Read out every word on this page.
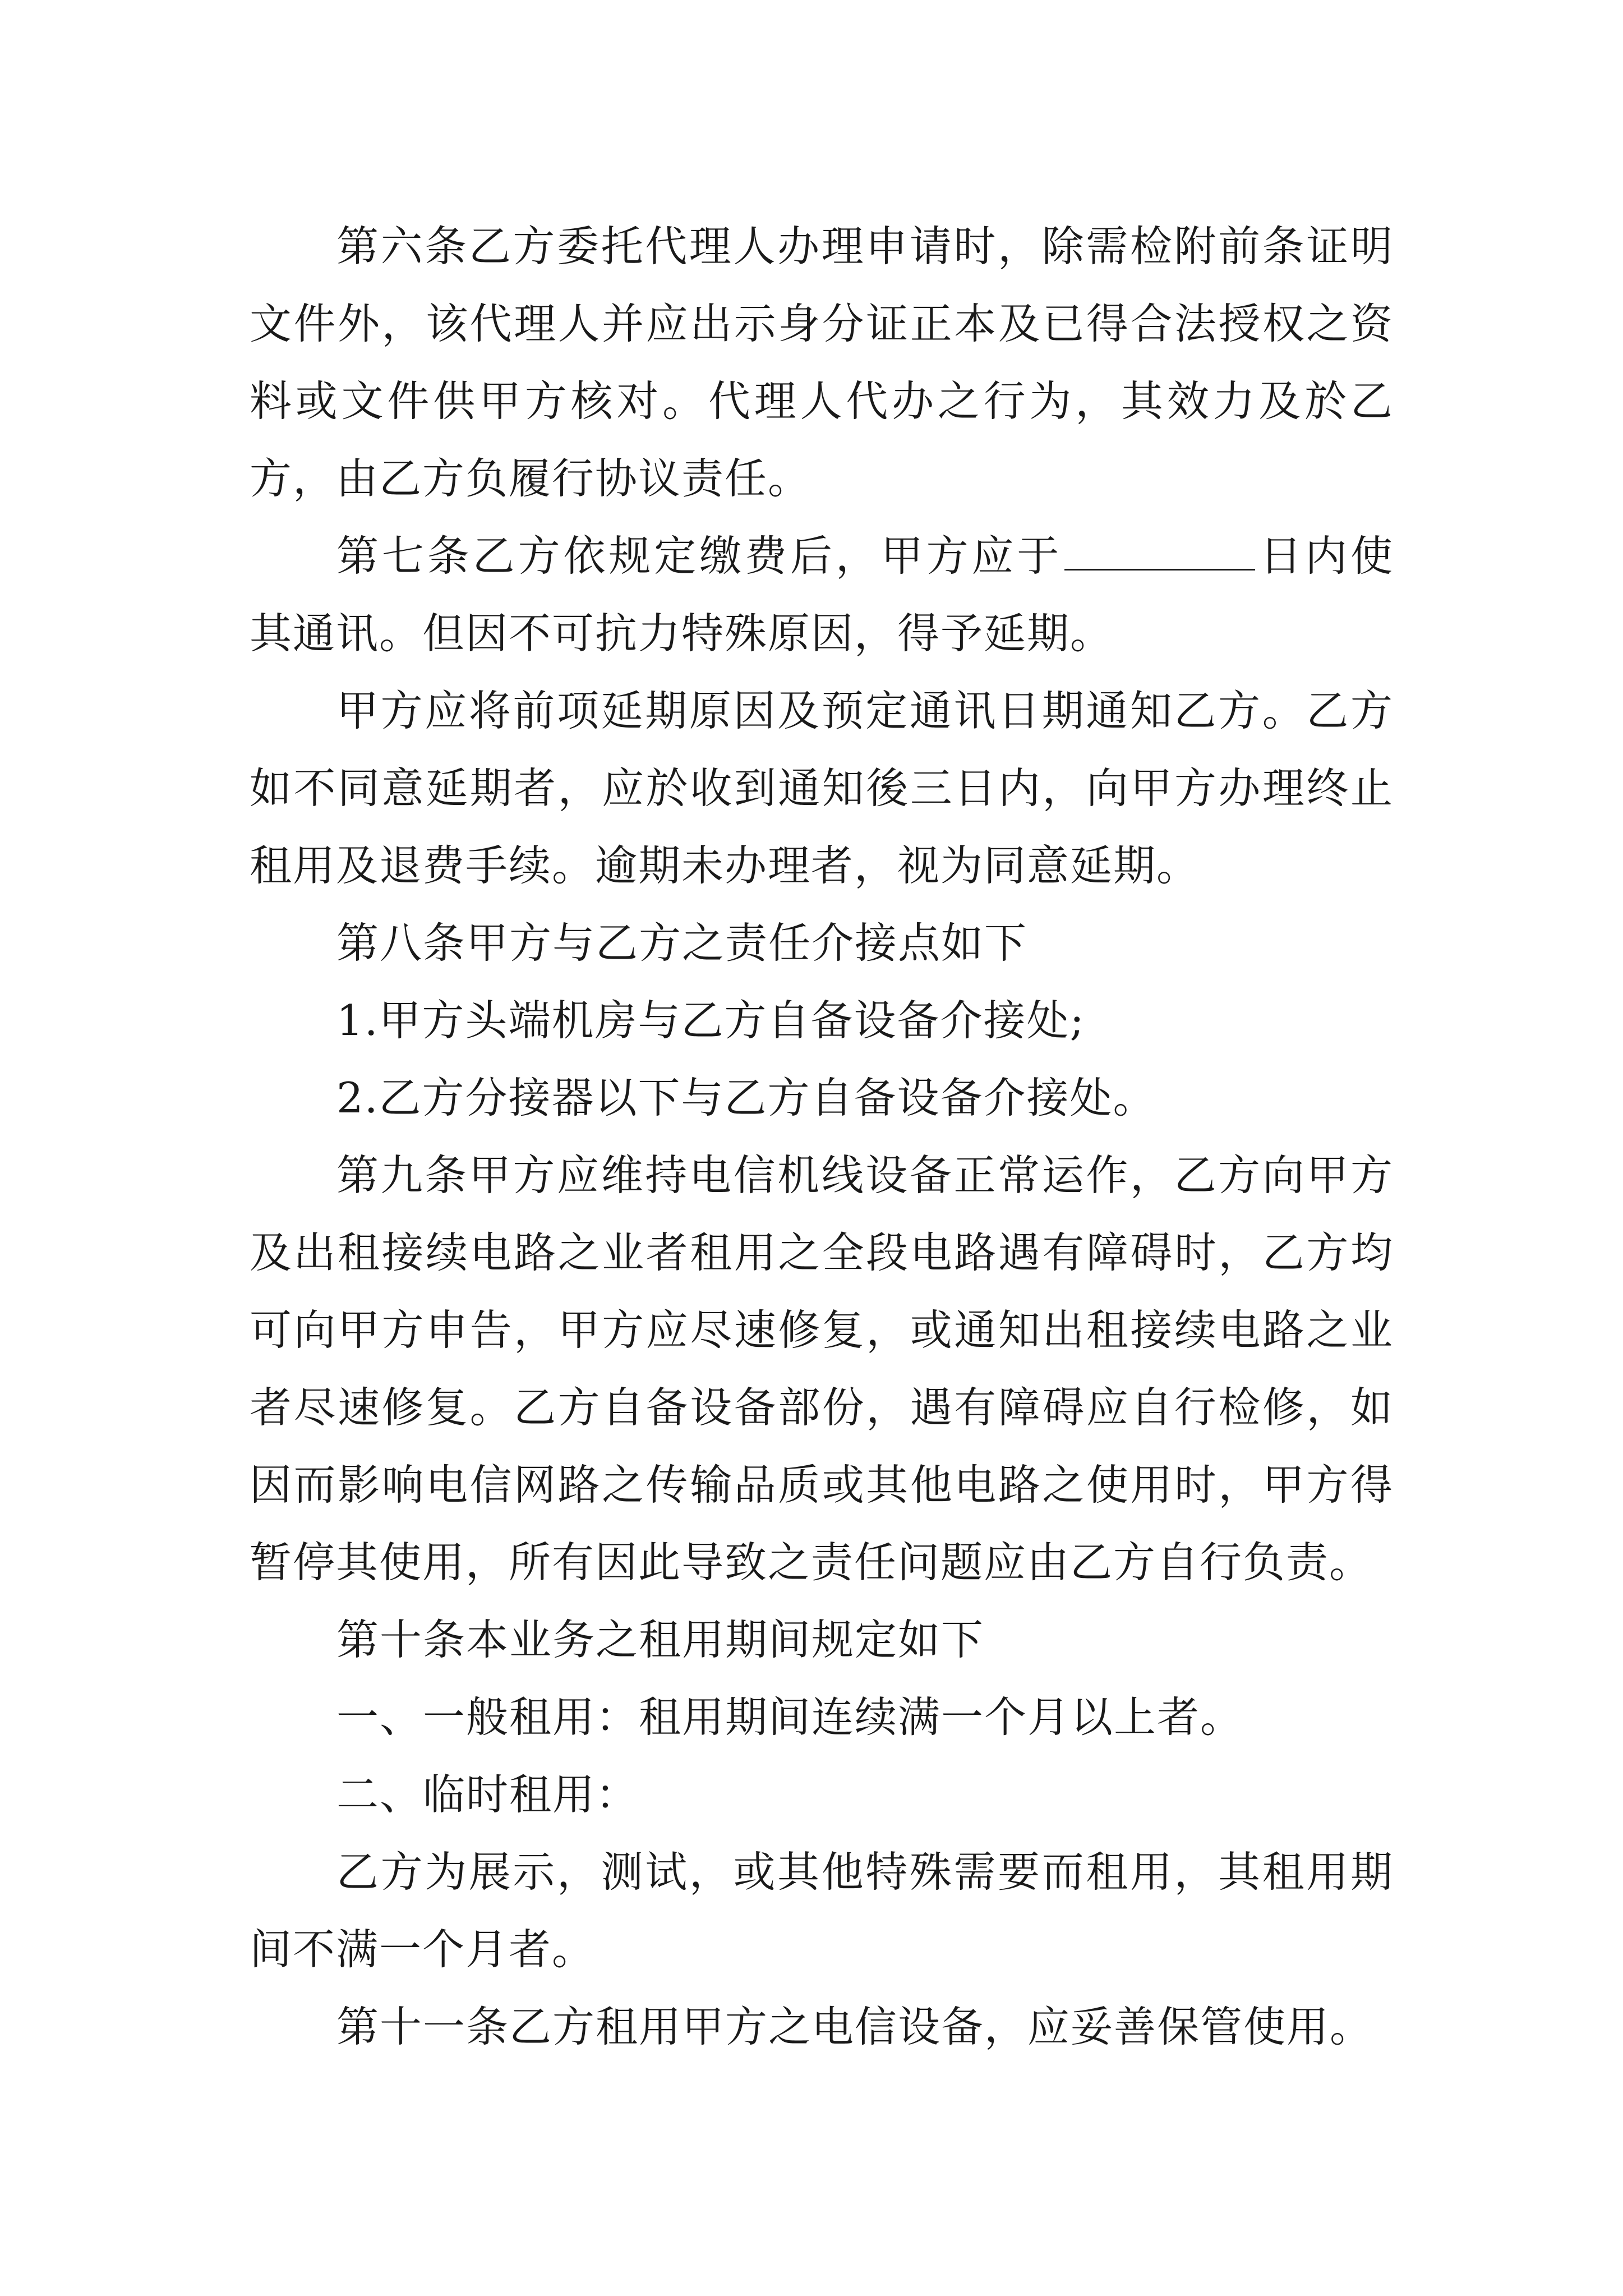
第六条乙方委托代理人办理申请时，除需检附前条证明文件外，该代理人并应出示身分证正本及已得合法授权之资料或文件供甲方核对。代理人代办之行为，其效力及於乙方，由乙方负履行协议责任。

第七条乙方依规定缴费后，甲方应于	日内使其通讯。但因不可抗力特殊原因，得予延期。

甲方应将前项延期原因及预定通讯日期通知乙方。乙方如不同意延期者，应於收到通知後三日内，向甲方办理终止租用及退费手续。逾期未办理者，视为同意延期。

第八条甲方与乙方之责任介接点如下

1.甲方头端机房与乙方自备设备介接处;

2.乙方分接器以下与乙方自备设备介接处。

第九条甲方应维持电信机线设备正常运作，乙方向甲方及出租接续电路之业者租用之全段电路遇有障碍时，乙方均可向甲方申告，甲方应尽速修复，或通知出租接续电路之业者尽速修复。乙方自备设备部份，遇有障碍应自行检修，如因而影响电信网路之传输品质或其他电路之使用时，甲方得暂停其使用，所有因此导致之责任问题应由乙方自行负责。

第十条本业务之租用期间规定如下

一、一般租用：租用期间连续满一个月以上者。

二、临时租用：

乙方为展示，测试，或其他特殊需要而租用，其租用期间不满一个月者。

第十一条乙方租用甲方之电信设备，应妥善保管使用。
